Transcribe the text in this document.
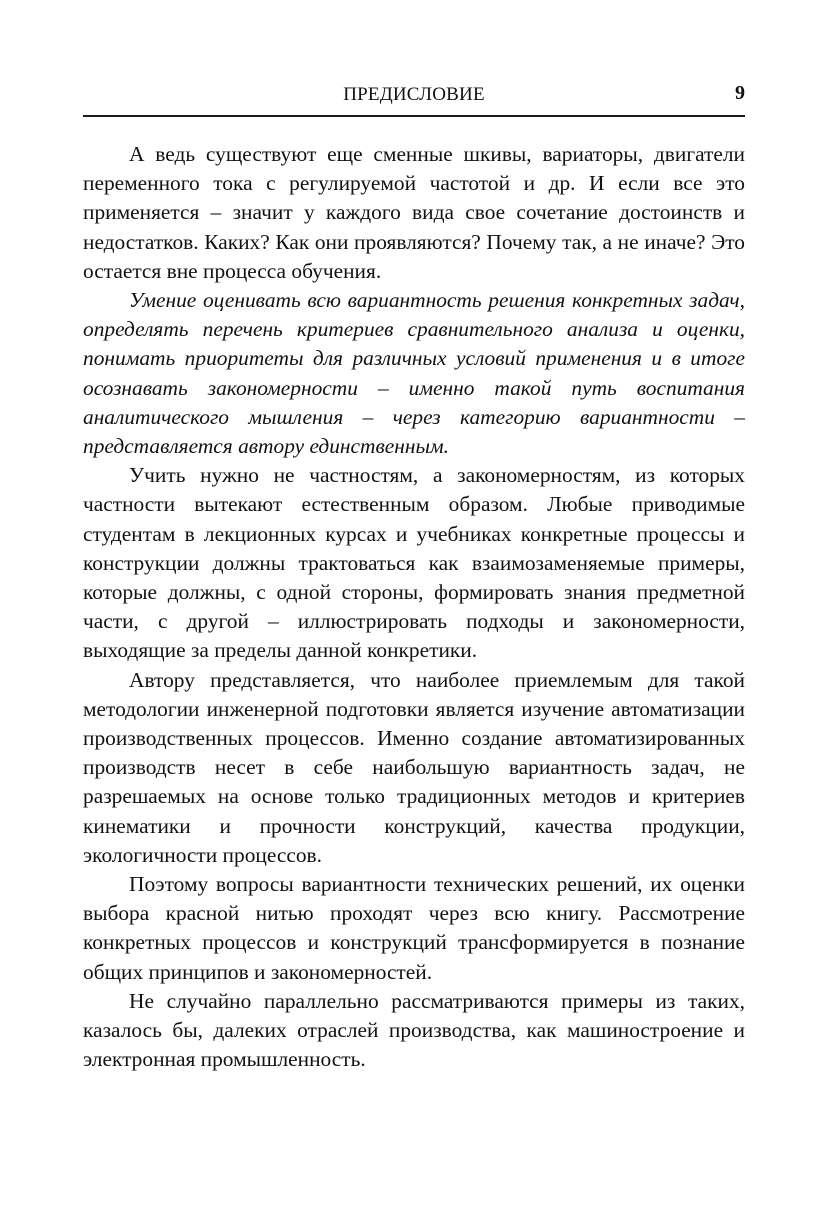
ПРЕДИСЛОВИЕ	9

А ведь существуют еще сменные шкивы, вариаторы, двигатели переменного тока с регулируемой частотой и др. И если все это применяется – значит у каждого вида свое сочетание достоинств и недостатков. Каких? Как они проявляются? Почему так, а не иначе? Это остается вне процесса обучения.

Умение оценивать всю вариантность решения конкретных задач, определять перечень критериев сравнительного анализа и оценки, понимать приоритеты для различных условий применения и в итоге осознавать закономерности – именно такой путь воспитания аналитического мышления – через категорию вариантности – представляется автору единственным.

Учить нужно не частностям, а закономерностям, из которых частности вытекают естественным образом. Любые приводимые студентам в лекционных курсах и учебниках конкретные процессы и конструкции должны трактоваться как взаимозаменяемые примеры, которые должны, с одной стороны, формировать знания предметной части, с другой – иллюстрировать подходы и закономерности, выходящие за пределы данной конкретики.

Автору представляется, что наиболее приемлемым для такой методологии инженерной подготовки является изучение автоматизации производственных процессов. Именно создание автоматизированных производств несет в себе наибольшую вариантность задач, не разрешаемых на основе только традиционных методов и критериев кинематики и прочности конструкций, качества продукции, экологичности процессов.

Поэтому вопросы вариантности технических решений, их оценки выбора красной нитью проходят через всю книгу. Рассмотрение конкретных процессов и конструкций трансформируется в познание общих принципов и закономерностей.

Не случайно параллельно рассматриваются примеры из таких, казалось бы, далеких отраслей производства, как машиностроение и электронная промышленность.
